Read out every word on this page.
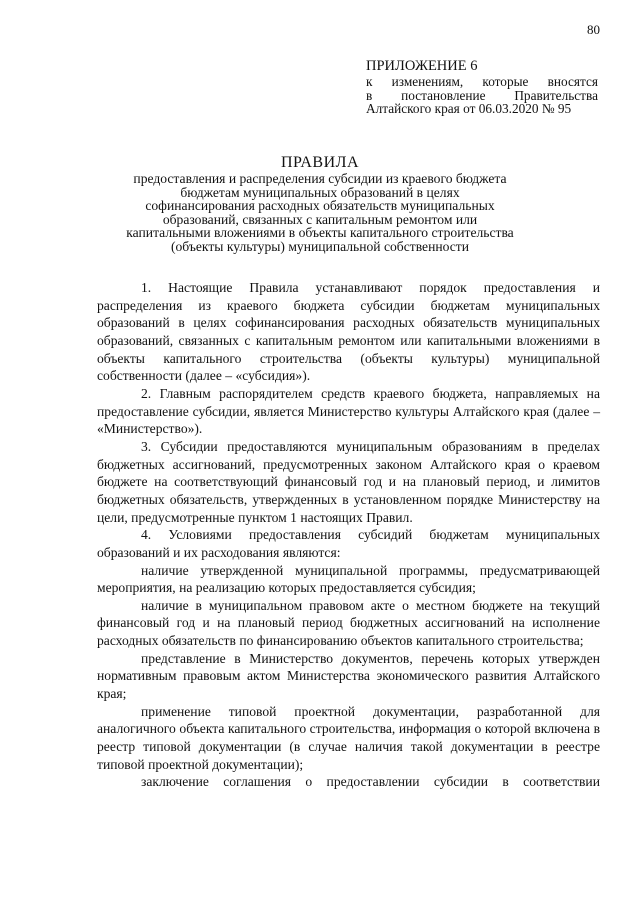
80
ПРИЛОЖЕНИЕ 6
к изменениям, которые вносятся
в постановление Правительства
Алтайского края от 06.03.2020 № 95
ПРАВИЛА
предоставления и распределения субсидии из краевого бюджета
бюджетам муниципальных образований в целях
софинансирования расходных обязательств муниципальных
образований, связанных с капитальным ремонтом или
капитальными вложениями в объекты капитального строительства
(объекты культуры) муниципальной собственности

1. Настоящие Правила устанавливают порядок предоставления и распределения из краевого бюджета субсидии бюджетам муниципальных образований в целях софинансирования расходных обязательств муниципальных образований, связанных с капитальным ремонтом или капитальными вложениями в объекты капитального строительства (объекты культуры) муниципальной собственности (далее – «субсидия»).

2. Главным распорядителем средств краевого бюджета, направляемых на предоставление субсидии, является Министерство культуры Алтайского края (далее – «Министерство»).

3. Субсидии предоставляются муниципальным образованиям в пределах бюджетных ассигнований, предусмотренных законом Алтайского края о краевом бюджете на соответствующий финансовый год и на плановый период, и лимитов бюджетных обязательств, утвержденных в установленном порядке Министерству на цели, предусмотренные пунктом 1 настоящих Правил.

4. Условиями предоставления субсидий бюджетам муниципальных образований и их расходования являются:

наличие утвержденной муниципальной программы, предусматривающей мероприятия, на реализацию которых предоставляется субсидия;

наличие в муниципальном правовом акте о местном бюджете на текущий финансовый год и на плановый период бюджетных ассигнований на исполнение расходных обязательств по финансированию объектов капитального строительства;

представление в Министерство документов, перечень которых утвержден нормативным правовым актом Министерства экономического развития Алтайского края;

применение типовой проектной документации, разработанной для аналогичного объекта капитального строительства, информация о которой включена в реестр типовой документации (в случае наличия такой документации в реестре типовой проектной документации);

заключение соглашения о предоставлении субсидии в соответствии
